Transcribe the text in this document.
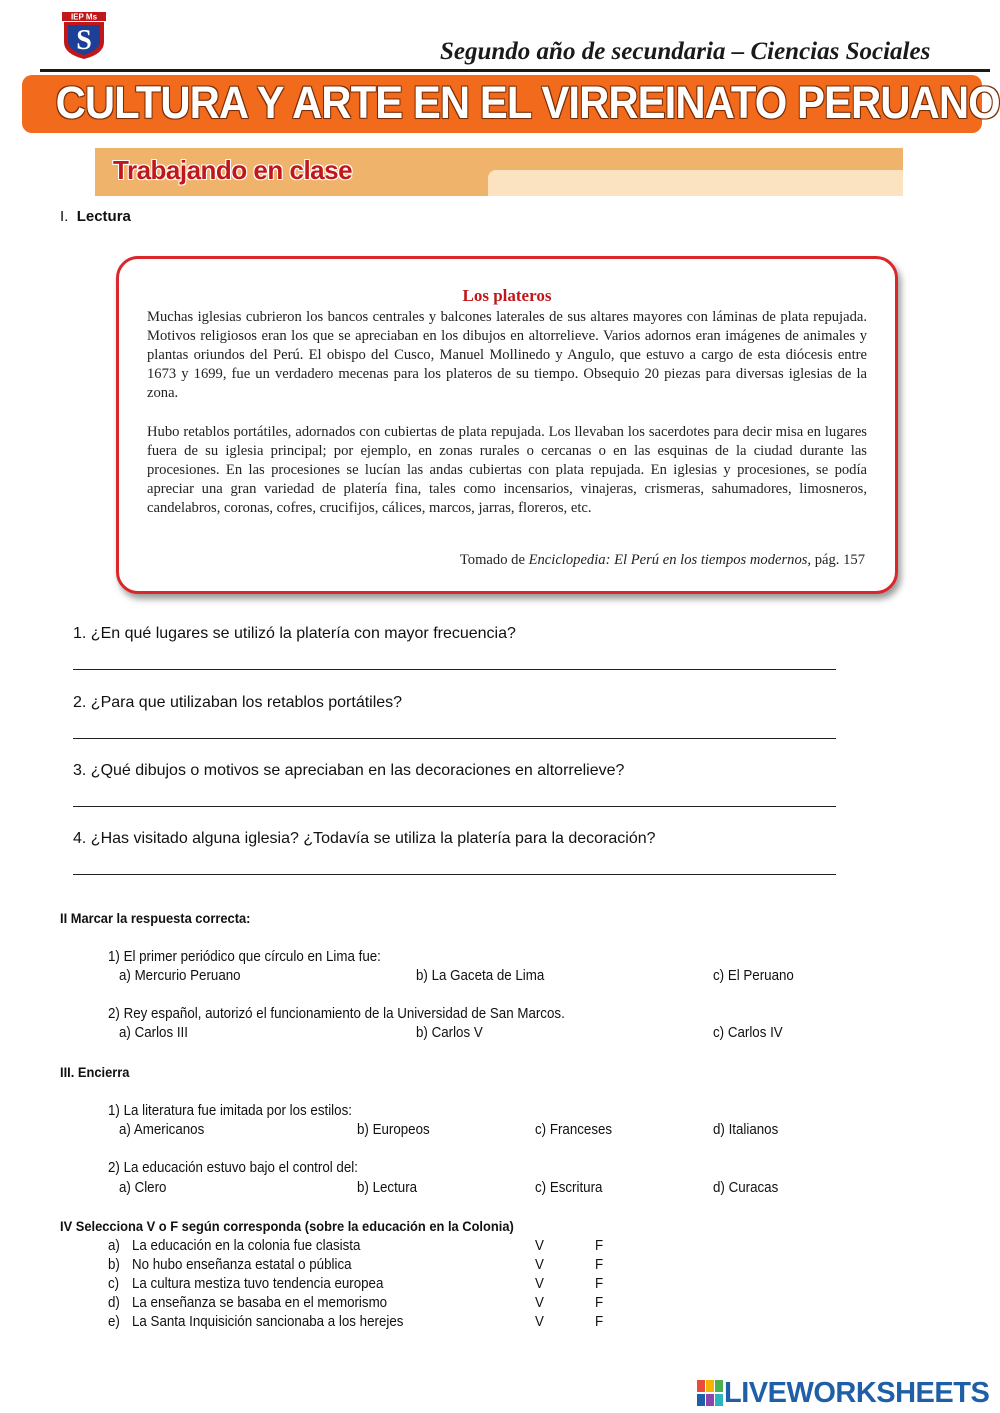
IEP Ms
S	Segundo año de secundaria – Ciencias Sociales
CULTURA Y ARTE EN EL VIRREINATO PERUANO
Trabajando en clase
I. Lectura
Los plateros
Muchas iglesias cubrieron los bancos centrales y balcones laterales de sus altares mayores con láminas de plata repujada. Motivos religiosos eran los que se apreciaban en los dibujos en altorrelieve. Varios adornos eran imágenes de animales y plantas oriundos del Perú. El obispo del Cusco, Manuel Mollinedo y Angulo, que estuvo a cargo de esta diócesis entre 1673 y 1699, fue un verdadero mecenas para los plateros de su tiempo. Obsequio 20 piezas para diversas iglesias de la zona.
Hubo retablos portátiles, adornados con cubiertas de plata repujada. Los llevaban los sacerdotes para decir misa en lugares fuera de su iglesia principal; por ejemplo, en zonas rurales o cercanas o en las esquinas de la ciudad durante las procesiones. En las procesiones se lucían las andas cubiertas con plata repujada. En iglesias y procesiones, se podía apreciar una gran variedad de platería fina, tales como incensarios, vinajeras, crismeras, sahumadores, limosneros, candelabros, coronas, cofres, crucifijos, cálices, marcos, jarras, floreros, etc.
Tomado de Enciclopedia: El Perú en los tiempos modernos, pág. 157
1. ¿En qué lugares se utilizó la platería con mayor frecuencia?
2. ¿Para que utilizaban los retablos portátiles?
3. ¿Qué dibujos o motivos se apreciaban en las decoraciones en altorrelieve?
4. ¿Has visitado alguna iglesia? ¿Todavía se utiliza la platería para la decoración?
II Marcar la respuesta correcta:
1) El primer periódico que círculo en Lima fue:
a) Mercurio Peruano	b) La Gaceta de Lima	c) El Peruano
2) Rey español, autorizó el funcionamiento de la Universidad de San Marcos.
a) Carlos III	b) Carlos V	c) Carlos IV
III. Encierra
1) La literatura fue imitada por los estilos:
a) Americanos	b) Europeos	c) Franceses	d) Italianos
2) La educación estuvo bajo el control del:
a) Clero	b) Lectura	c) Escritura	d) Curacas
IV Selecciona V o F según corresponda (sobre la educación en la Colonia)
a) La educación en la colonia fue clasista	V	F
b) No hubo enseñanza estatal o pública	V	F
c) La cultura mestiza tuvo tendencia europea	V	F
d) La enseñanza se basaba en el memorismo	V	F
e) La Santa Inquisición sancionaba a los herejes	V	F
LIVEWORKSHEETS
